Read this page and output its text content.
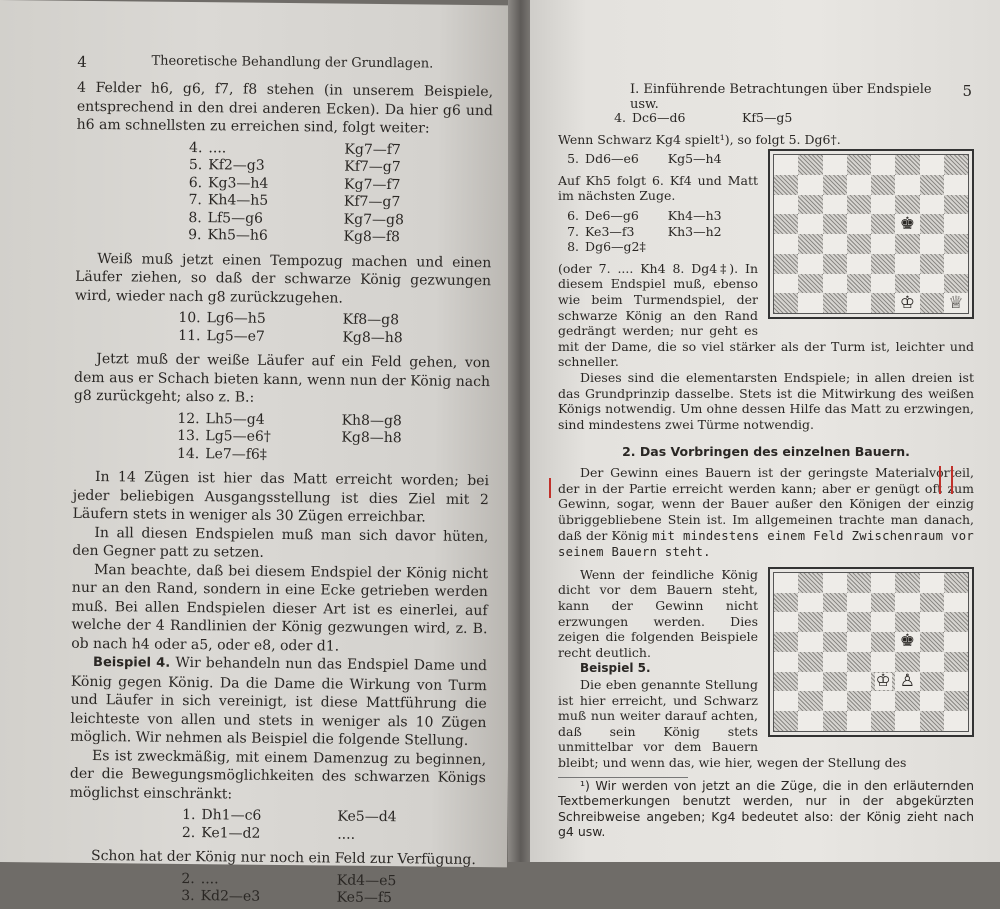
4	Theoretische Behandlung der Grundlagen.

4 Felder h6, g6, f7, f8 stehen (in unserem Beispiele, entsprechend in den drei anderen Ecken). Da hier g6 und h6 am schnellsten zu erreichen sind, folgt weiter:

4. ....	Kg7—f7
5. Kf2—g3	Kf7—g7
6. Kg3—h4	Kg7—f7
7. Kh4—h5	Kf7—g7
8. Lf5—g6	Kg7—g8
9. Kh5—h6	Kg8—f8

Weiß muß jetzt einen Tempozug machen und einen Läufer ziehen, so daß der schwarze König gezwungen wird, wieder nach g8 zurückzugehen.

10. Lg6—h5	Kf8—g8
11. Lg5—e7	Kg8—h8

Jetzt muß der weiße Läufer auf ein Feld gehen, von dem aus er Schach bieten kann, wenn nun der König nach g8 zurückgeht; also z. B.:

12. Lh5—g4	Kh8—g8
13. Lg5—e6†	Kg8—h8
14. Le7—f6‡

In 14 Zügen ist hier das Matt erreicht worden; bei jeder beliebigen Ausgangsstellung ist dies Ziel mit 2 Läufern stets in weniger als 30 Zügen erreichbar.

In all diesen Endspielen muß man sich davor hüten, den Gegner patt zu setzen.

Man beachte, daß bei diesem Endspiel der König nicht nur an den Rand, sondern in eine Ecke getrieben werden muß. Bei allen Endspielen dieser Art ist es einerlei, auf welche der 4 Randlinien der König gezwungen wird, z. B. ob nach h4 oder a5, oder e8, oder d1.

Beispiel 4. Wir behandeln nun das Endspiel Dame und König gegen König. Da die Dame die Wirkung von Turm und Läufer in sich vereinigt, ist diese Mattführung die leichteste von allen und stets in weniger als 10 Zügen möglich. Wir nehmen als Beispiel die folgende Stellung.

Es ist zweckmäßig, mit einem Damenzug zu beginnen, der die Bewegungsmöglichkeiten des schwarzen Königs möglichst einschränkt:

1. Dh1—c6	Ke5—d4
2. Ke1—d2	....

Schon hat der König nur noch ein Feld zur Verfügung.

2. ....	Kd4—e5
3. Kd2—e3	Ke5—f5
I. Einführende Betrachtungen über Endspiele usw.
5
4. Dc6—d6	Kf5—g5

Wenn Schwarz Kg4 spielt¹), so folgt 5. Dg6†.

♚
♔ ♕
5. Dd6—e6	Kg5—h4

Auf Kh5 folgt 6. Kf4 und Matt im nächsten Zuge.

6. De6—g6	Kh4—h3
7. Ke3—f3	Kh3—h2
8. Dg6—g2‡

(oder 7. .... Kh4 8. Dg4‡). In diesem Endspiel muß, ebenso wie beim Turmendspiel, der schwarze König an den Rand gedrängt werden; nur geht es mit der Dame, die so viel stärker als der Turm ist, leichter und schneller.

Dieses sind die elementarsten Endspiele; in allen dreien ist das Grundprinzip dasselbe. Stets ist die Mitwirkung des weißen Königs notwendig. Um ohne dessen Hilfe das Matt zu erzwingen, sind mindestens zwei Türme notwendig.

2. Das Vorbringen des einzelnen Bauern.

Der Gewinn eines Bauern ist der geringste Materialvorteil, der in der Partie erreicht werden kann; aber er genügt oft zum Gewinn, sogar, wenn der Bauer außer den Königen der einzig übriggebliebene Stein ist. Im allgemeinen trachte man danach, daß der König mit mindestens einem Feld Zwischenraum vor seinem Bauern steht.

♚
♔ ♙

Wenn der feindliche König dicht vor dem Bauern steht, kann der Gewinn nicht erzwungen werden. Dies zeigen die folgenden Beispiele recht deutlich.

Beispiel 5.

Die eben genannte Stellung ist hier erreicht, und Schwarz muß nun weiter darauf achten, daß sein König stets unmittelbar vor dem Bauern bleibt; und wenn das, wie hier, wegen der Stellung des

¹) Wir werden von jetzt an die Züge, die in den erläuternden Textbemerkungen benutzt werden, nur in der abgekürzten Schreibweise angeben; Kg4 bedeutet also: der König zieht nach g4 usw.
